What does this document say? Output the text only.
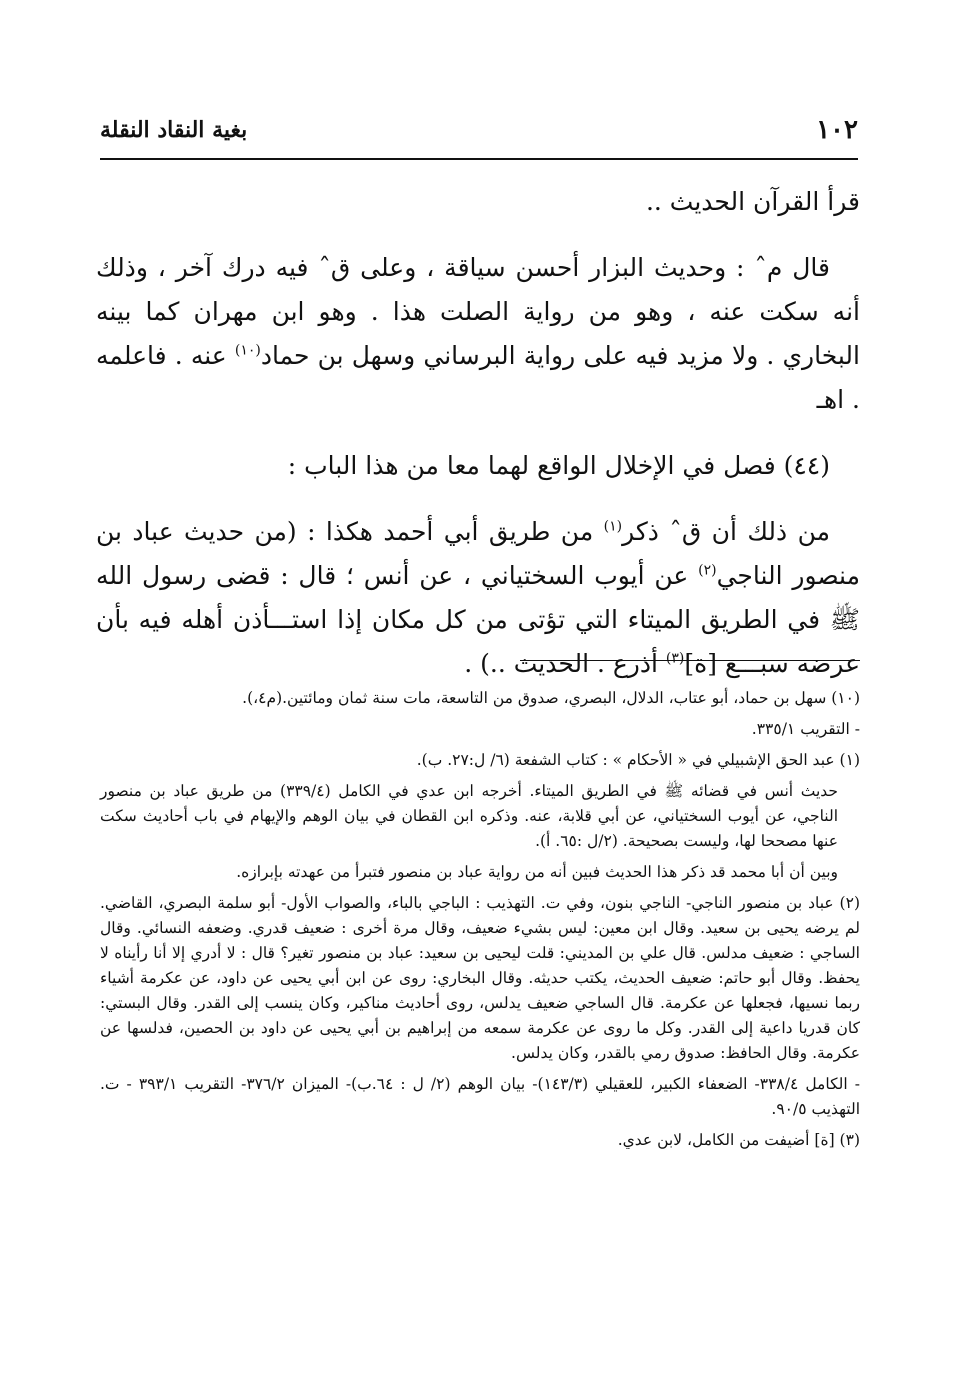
١٠٢
بغية النقاد النقلة

قرأ القرآن الحديث ..

قال مˆ : وحديث البزار أحسن سياقة ، وعلى قˆ فيه درك آخر ، وذلك أنه سكت عنه ، وهو من رواية الصلت هذا . وهو ابن مهران كما بينه البخاري . ولا مزيد فيه على رواية البرساني وسهل بن حماد$^{(١٠)}$ عنه . فاعلمه . اهـ

(٤٤) فصل في الإخلال الواقع لهما معا من هذا الباب :

من ذلك أن قˆ ذكر$^{(١)}$ من طريق أبي أحمد هكذا : (من حديث عباد بن منصور الناجي$^{(٢)}$ عن أيوب السختياني ، عن أنس ؛ قال : قضى رسول الله ﷺ في الطريق الميتاء التي تؤتى من كل مكان إذا استـــأذن أهله فيه بأن عرضه سبـــع [ة]$^{(٣)}$ أذرع . الحديث ..) .

(١٠) سهل بن حماد، أبو عتاب، الدلال، البصري، صدوق من التاسعة، مات سنة ثمان ومائتين.(م٤،).

- التقريب ٣٣٥/١.

(١) عبد الحق الإشبيلي في « الأحكام » : كتاب الشفعة (٦/ ل:٢٧. ب).

حديث أنس في قضائه ﷺ في الطريق الميتاء. أخرجه ابن عدي في الكامل (٣٣٩/٤) من طريق عباد بن منصور الناجي، عن أيوب السختياني، عن أبي قلابة، عنه. وذكره ابن القطان في بيان الوهم والإيهام في باب أحاديث سكت عنها مصححا لها، وليست بصحيحة. (٢/ل :٦٥. أ).

وبين أن أبا محمد قد ذكر هذا الحديث فبين أنه من رواية عباد بن منصور فتبرأ من عهدته بإبرازه.

(٢) عباد بن منصور الناجي- الناجي بنون، وفي ت. التهذيب : الباجي بالباء، والصواب الأول- أبو سلمة البصري، القاضي. لم يرضه يحيى بن سعيد. وقال ابن معين: ليس بشيء ضعيف، وقال مرة أخرى : ضعيف قدري. وضعفه النسائي. وقال الساجي : ضعيف مدلس. قال علي بن المديني: قلت ليحيى بن سعيد: عباد بن منصور تغير؟ قال : لا أدري إلا أنا رأيناه لا يحفظ. وقال أبو حاتم: ضعيف الحديث، يكتب حديثه. وقال البخاري: روى عن ابن أبي يحيى عن داود، عن عكرمة أشياء ربما نسيها، فجعلها عن عكرمة. قال الساجي ضعيف يدلس، روى أحاديث مناكير، وكان ينسب إلى القدر. وقال البستي: كان قدريا داعية إلى القدر. وكل ما روى عن عكرمة سمعه من إبراهيم بن أبي يحيى عن داود بن الحصين، فدلسها عن عكرمة. وقال الحافظ: صدوق رمي بالقدر، وكان يدلس.

- الكامل ٣٣٨/٤- الضعفاء الكبير، للعقيلي (١٤٣/٣)- بيان الوهم (٢/ ل : ٦٤.ب)- الميزان ٣٧٦/٢- التقريب ٣٩٣/١ - ت. التهذيب ٩٠/٥.

(٣) [ة] أضيفت من الكامل، لابن عدي.
